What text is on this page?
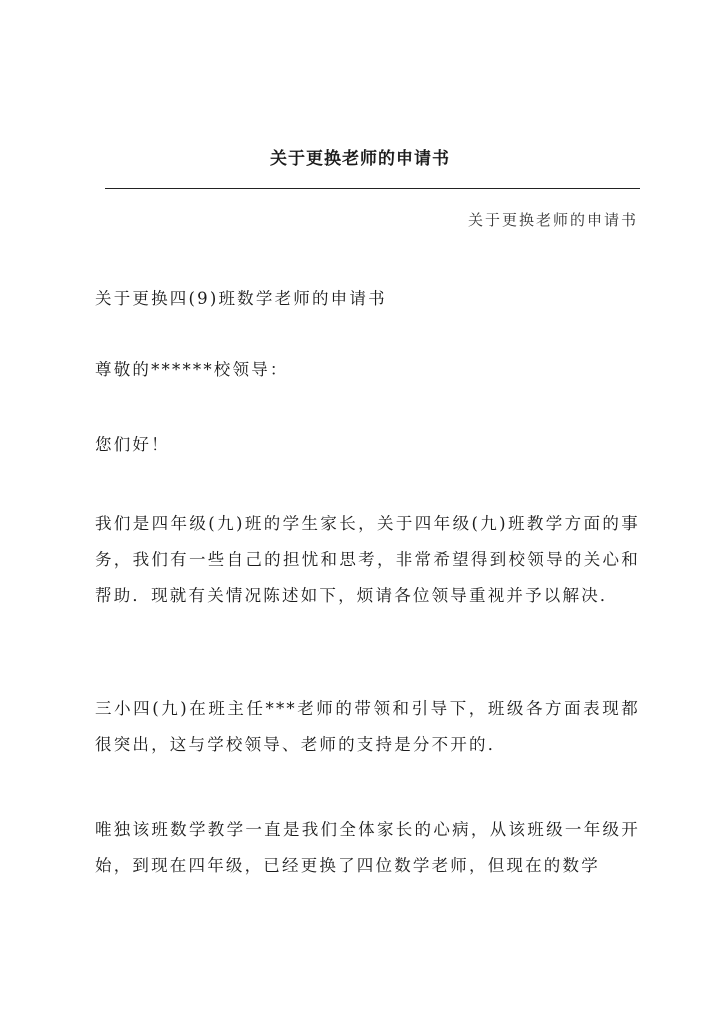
关于更换老师的申请书
关于更换老师的申请书

关于更换四(9)班数学老师的申请书

尊敬的******校领导：

您们好！

我们是四年级(九)班的学生家长，关于四年级(九)班教学方面的事务，我们有一些自己的担忧和思考，非常希望得到校领导的关心和帮助．现就有关情况陈述如下，烦请各位领导重视并予以解决．

三小四(九)在班主任***老师的带领和引导下，班级各方面表现都很突出，这与学校领导、老师的支持是分不开的．

唯独该班数学教学一直是我们全体家长的心病，从该班级一年级开始，到现在四年级，已经更换了四位数学老师，但现在的数学
